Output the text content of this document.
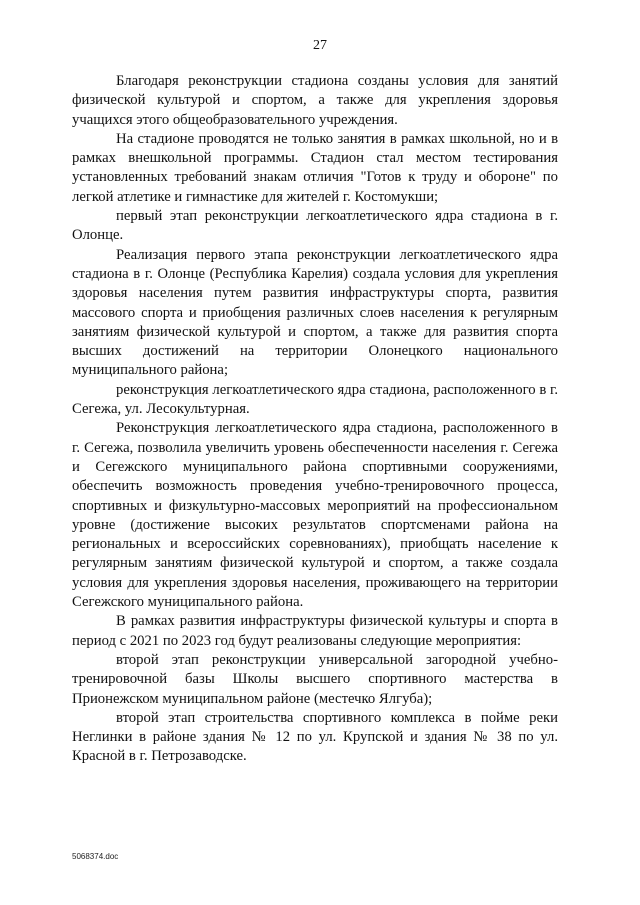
27

Благодаря реконструкции стадиона созданы условия для занятий физической культурой и спортом, а также для укрепления здоровья учащихся этого общеобразовательного учреждения.

На стадионе проводятся не только занятия в рамках школьной, но и в рамках внешкольной программы. Стадион стал местом тестирования установленных требований знакам отличия "Готов к труду и обороне" по легкой атлетике и гимнастике для жителей г. Костомукши;

первый этап реконструкции легкоатлетического ядра стадиона в г. Олонце.

Реализация первого этапа реконструкции легкоатлетического ядра стадиона в г. Олонце (Республика Карелия) создала условия для укрепления здоровья населения путем развития инфраструктуры спорта, развития массового спорта и приобщения различных слоев населения к регулярным занятиям физической культурой и спортом, а также для развития спорта высших достижений на территории Олонецкого национального муниципального района;

реконструкция легкоатлетического ядра стадиона, расположенного в г. Сегежа, ул. Лесокультурная.

Реконструкция легкоатлетического ядра стадиона, расположенного в г. Сегежа, позволила увеличить уровень обеспеченности населения г. Сегежа и Сегежского муниципального района спортивными сооружениями, обеспечить возможность проведения учебно-тренировочного процесса, спортивных и физкультурно-массовых мероприятий на профессиональном уровне (достижение высоких результатов спортсменами района на региональных и всероссийских соревнованиях), приобщать население к регулярным занятиям физической культурой и спортом, а также создала условия для укрепления здоровья населения, проживающего на территории Сегежского муниципального района.

В рамках развития инфраструктуры физической культуры и спорта в период с 2021 по 2023 год будут реализованы следующие мероприятия:

второй этап реконструкции универсальной загородной учебно-тренировочной базы Школы высшего спортивного мастерства в Прионежском муниципальном районе (местечко Ялгуба);

второй этап строительства спортивного комплекса в пойме реки Неглинки в районе здания № 12 по ул. Крупской и здания № 38 по ул. Красной в г. Петрозаводске.

5068374.doc
